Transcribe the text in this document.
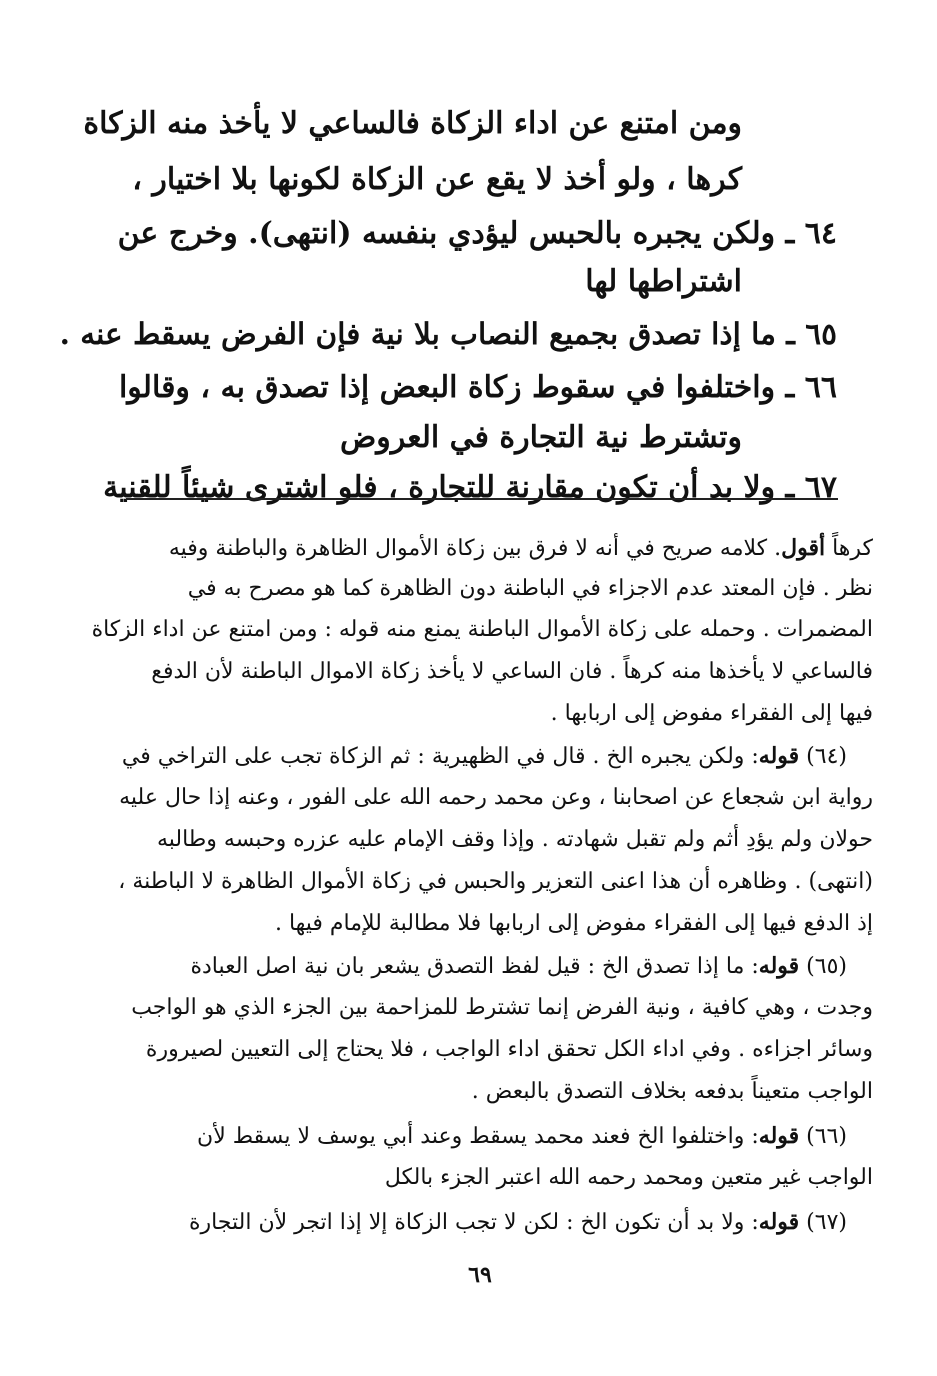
ومن امتنع عن اداء الزكاة فالساعي لا يأخذ منه الزكاة
كرها ، ولو أخذ لا يقع عن الزكاة لكونها بلا اختيار ،
٦٤ ـ ولكن يجبره بالحبس ليؤدي بنفسه (انتهى). وخرج عن
اشتراطها لها
٦٥ ـ ما إذا تصدق بجميع النصاب بلا نية فإن الفرض يسقط عنه .
٦٦ ـ واختلفوا في سقوط زكاة البعض إذا تصدق به ، وقالوا
وتشترط نية التجارة في العروض
٦٧ ـ ولا بد أن تكون مقارنة للتجارة ، فلو اشترى شيئاً للقنية
كرهاً أقول. كلامه صريح في أنه لا فرق بين زكاة الأموال الظاهرة والباطنة وفيه
نظر . فإن المعتد عدم الاجزاء في الباطنة دون الظاهرة كما هو مصرح به في
المضمرات . وحمله على زكاة الأموال الباطنة يمنع منه قوله : ومن امتنع عن اداء الزكاة
فالساعي لا يأخذها منه كرهاً . فان الساعي لا يأخذ زكاة الاموال الباطنة لأن الدفع
فيها إلى الفقراء مفوض إلى اربابها .
(٦٤) قوله: ولكن يجبره الخ . قال في الظهيرية : ثم الزكاة تجب على التراخي في
رواية ابن شجعاع عن اصحابنا ، وعن محمد رحمه الله على الفور ، وعنه إذا حال عليه
حولان ولم يؤدِ أثم ولم تقبل شهادته . وإذا وقف الإمام عليه عزره وحبسه وطالبه
(انتهى) . وظاهره أن هذا اعنى التعزير والحبس في زكاة الأموال الظاهرة لا الباطنة ،
إذ الدفع فيها إلى الفقراء مفوض إلى اربابها فلا مطالبة للإمام فيها .
(٦٥) قوله: ما إذا تصدق الخ : قيل لفظ التصدق يشعر بان نية اصل العبادة
وجدت ، وهي كافية ، ونية الفرض إنما تشترط للمزاحمة بين الجزء الذي هو الواجب
وسائر اجزاءه . وفي اداء الكل تحقق اداء الواجب ، فلا يحتاج إلى التعيين لصيرورة
الواجب متعيناً بدفعه بخلاف التصدق بالبعض .
(٦٦) قوله: واختلفوا الخ فعند محمد يسقط وعند أبي يوسف لا يسقط لأن
الواجب غير متعين ومحمد رحمه الله اعتبر الجزء بالكل
(٦٧) قوله: ولا بد أن تكون الخ : لكن لا تجب الزكاة إلا إذا اتجر لأن التجارة
٦٩
